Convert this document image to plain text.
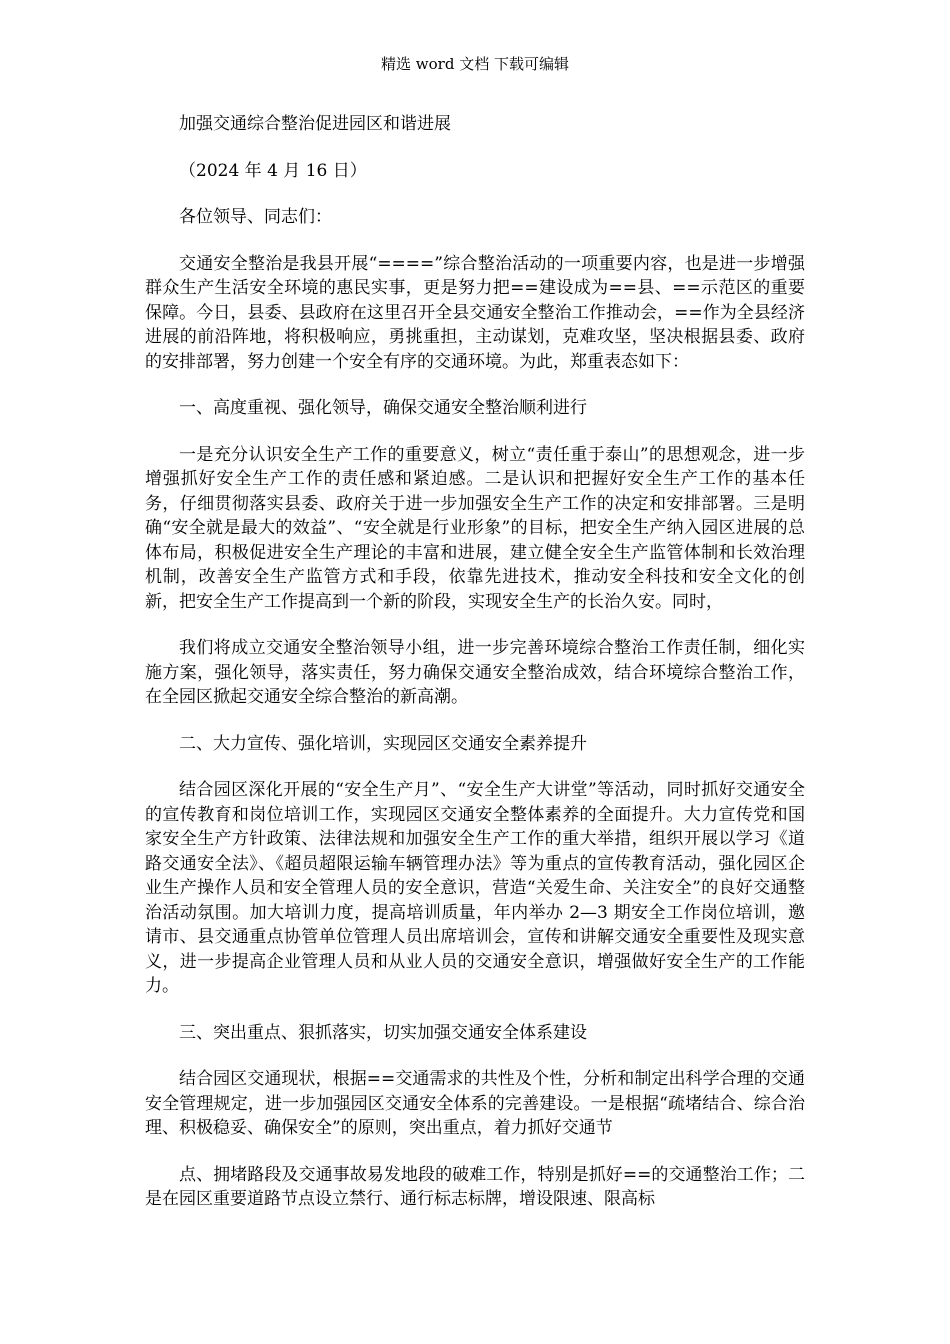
精选 word 文档 下载可编辑

加强交通综合整治促进园区和谐进展

（2024 年 4 月 16 日）

各位领导、同志们：

交通安全整治是我县开展“====”综合整治活动的一项重要内容，也是进一步增强群众生产生活安全环境的惠民实事，更是努力把==建设成为==县、==示范区的重要保障。今日，县委、县政府在这里召开全县交通安全整治工作推动会，==作为全县经济进展的前沿阵地，将积极响应，勇挑重担，主动谋划，克难攻坚，坚决根据县委、政府的安排部署，努力创建一个安全有序的交通环境。为此，郑重表态如下：

一、高度重视、强化领导，确保交通安全整治顺利进行

一是充分认识安全生产工作的重要意义，树立“责任重于泰山”的思想观念，进一步增强抓好安全生产工作的责任感和紧迫感。二是认识和把握好安全生产工作的基本任务，仔细贯彻落实县委、政府关于进一步加强安全生产工作的决定和安排部署。三是明确“安全就是最大的效益”、“安全就是行业形象”的目标，把安全生产纳入园区进展的总体布局，积极促进安全生产理论的丰富和进展，建立健全安全生产监管体制和长效治理机制，改善安全生产监管方式和手段，依靠先进技术，推动安全科技和安全文化的创新，把安全生产工作提高到一个新的阶段，实现安全生产的长治久安。同时，

我们将成立交通安全整治领导小组，进一步完善环境综合整治工作责任制，细化实施方案，强化领导，落实责任，努力确保交通安全整治成效，结合环境综合整治工作，在全园区掀起交通安全综合整治的新高潮。

二、大力宣传、强化培训，实现园区交通安全素养提升

结合园区深化开展的“安全生产月”、“安全生产大讲堂”等活动，同时抓好交通安全的宣传教育和岗位培训工作，实现园区交通安全整体素养的全面提升。大力宣传党和国家安全生产方针政策、法律法规和加强安全生产工作的重大举措，组织开展以学习《道路交通安全法》、《超员超限运输车辆管理办法》等为重点的宣传教育活动，强化园区企业生产操作人员和安全管理人员的安全意识，营造“关爱生命、关注安全”的良好交通整治活动氛围。加大培训力度，提高培训质量，年内举办 2—3 期安全工作岗位培训，邀请市、县交通重点协管单位管理人员出席培训会，宣传和讲解交通安全重要性及现实意义，进一步提高企业管理人员和从业人员的交通安全意识，增强做好安全生产的工作能力。

三、突出重点、狠抓落实，切实加强交通安全体系建设

结合园区交通现状，根据==交通需求的共性及个性，分析和制定出科学合理的交通安全管理规定，进一步加强园区交通安全体系的完善建设。一是根据“疏堵结合、综合治理、积极稳妥、确保安全”的原则，突出重点，着力抓好交通节

点、拥堵路段及交通事故易发地段的破难工作，特别是抓好==的交通整治工作；二是在园区重要道路节点设立禁行、通行标志标牌，增设限速、限高标
